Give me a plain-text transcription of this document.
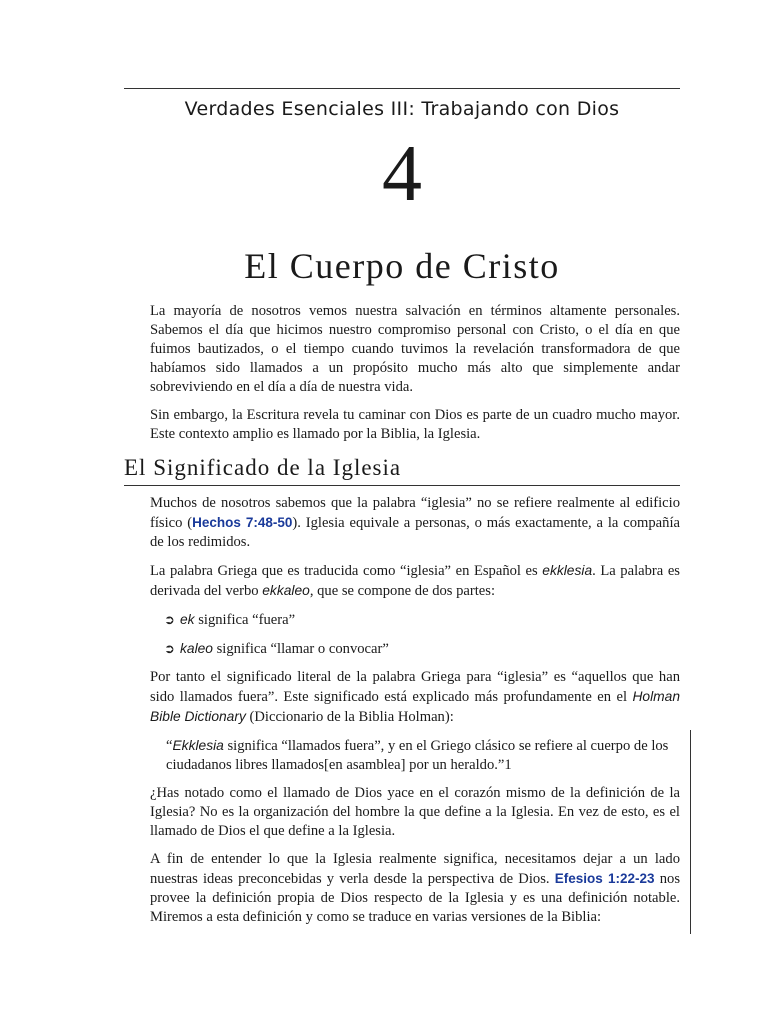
Verdades Esenciales III: Trabajando con Dios
4
El Cuerpo de Cristo

La mayoría de nosotros vemos nuestra salvación en términos altamente personales. Sabemos el día que hicimos nuestro compromiso personal con Cristo, o el día en que fuimos bautizados, o el tiempo cuando tuvimos la revelación transformadora de que habíamos sido llamados a un propósito mucho más alto que simplemente andar sobreviviendo en el día a día de nuestra vida.

Sin embargo, la Escritura revela tu caminar con Dios es parte de un cuadro mucho mayor. Este contexto amplio es llamado por la Biblia, la Iglesia.

El Significado de la Iglesia

Muchos de nosotros sabemos que la palabra “iglesia” no se refiere realmente al edificio físico (Hechos 7:48-50). Iglesia equivale a personas, o más exactamente, a la compañía de los redimidos.

La palabra Griega que es traducida como “iglesia” en Español es ekklesia. La palabra es derivada del verbo ekkaleo, que se compone de dos partes:

➲ ek significa “fuera”
➲ kaleo significa “llamar o convocar”

Por tanto el significado literal de la palabra Griega para “iglesia” es “aquellos que han sido llamados fuera”. Este significado está explicado más profundamente en el Holman Bible Dictionary (Diccionario de la Biblia Holman):

“Ekklesia significa “llamados fuera”, y en el Griego clásico se refiere al cuerpo de los ciudadanos libres llamados[en asamblea] por un heraldo.”1

¿Has notado como el llamado de Dios yace en el corazón mismo de la definición de la Iglesia? No es la organización del hombre la que define a la Iglesia. En vez de esto, es el llamado de Dios el que define a la Iglesia.

A fin de entender lo que la Iglesia realmente significa, necesitamos dejar a un lado nuestras ideas preconcebidas y verla desde la perspectiva de Dios. Efesios 1:22-23 nos provee la definición propia de Dios respecto de la Iglesia y es una definición notable. Miremos a esta definición y como se traduce en varias versiones de la Biblia:
